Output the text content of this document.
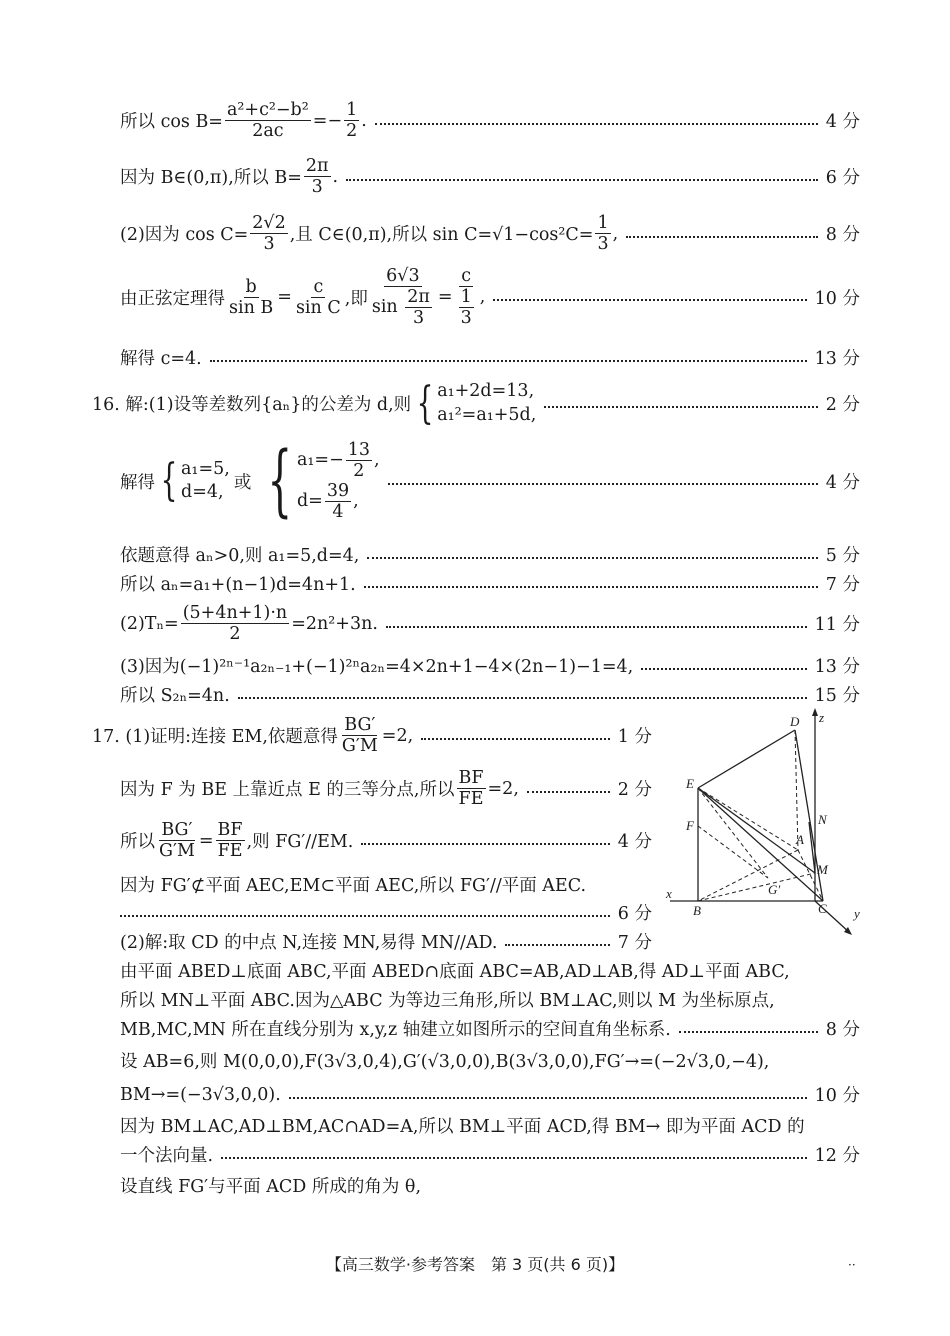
所以 $\cos B= \frac{\text{a²+c²−b²}}{2ac} =- \frac{1}{2}$ .	4 分
因为 B∈(0,π),所以 $B= \frac{2\pi}{3}$ .	6 分
(2)因为 $\cos C= \frac{2√2}{3}$ ,且 C∈(0,π),所以 $\sin C=√1-\cos^2C= \frac{1}{3}$ ,	8 分
由正弦定理得 $\frac{b}{\text{sin B}} = \frac{c}{\text{sin C}}$ ,即 $\frac{6√3}{\sin \frac{2\pi}{3}} = \frac{c}{\frac{1}{3}}$ ,	10 分
解得 c=4.	13 分
16. 解:(1)设等差数列{aₙ}的公差为 d,则 { a₁+2d=13,
a₁²=a₁+5d,	2 分
解得 { a₁=5,
d=4, 或 { $a_1=- \frac{13}{2}$ ,
$d= \frac{39}{4}$ ,
4 分
依题意得 aₙ>0,则 a₁=5,d=4,	5 分
所以 aₙ=a₁+(n−1)d=4n+1.	7 分
$(2)T_n= \frac{(5+4n+1)\cdot n}{2} =2n^2+3n$.	11 分
(3)因为(−1)²ⁿ⁻¹a₂ₙ₋₁+(−1)²ⁿa₂ₙ=4×2n+1−4×(2n−1)−1=4,	13 分
所以 S₂ₙ=4n.	15 分
17. (1)证明:连接 EM,依题意得 $\frac{BG'}{G'M} =2$,	1 分
因为 F 为 BE 上靠近点 E 的三等分点,所以 $\frac{BF}{FE} =2$,	2 分
所以 $\frac{BG'}{G'M} = \frac{BF}{FE}$ ,则 FG′//EM.	4 分
因为 FG′⊄平面 AEC,EM⊂平面 AEC,所以 FG′//平面 AEC.
6 分
(2)解:取 CD 的中点 N,连接 MN,易得 MN//AD.	7 分
由平面 ABED⊥底面 ABC,平面 ABED∩底面 ABC=AB,AD⊥AB,得 AD⊥平面 ABC,
所以 MN⊥平面 ABC.因为△ABC 为等边三角形,所以 BM⊥AC,则以 M 为坐标原点,
MB,MC,MN 所在直线分别为 x,y,z 轴建立如图所示的空间直角坐标系.	8 分
设 AB=6,则 M(0,0,0),F(3√3,0,4),G′(√3,0,0),B(3√3,0,0),FG′→=(−2√3,0,−4),
BM→=(−3√3,0,0).	10 分
因为 BM⊥AC,AD⊥BM,AC∩AD=A,所以 BM⊥平面 ACD,得 BM→ 即为平面 ACD 的
一个法向量.	12 分
设直线 FG′与平面 ACD 所成的角为 θ,
D z
E
N
F
A
M
G′
x
B	C y
【高三数学·参考答案　第 3 页(共 6 页)】	··
